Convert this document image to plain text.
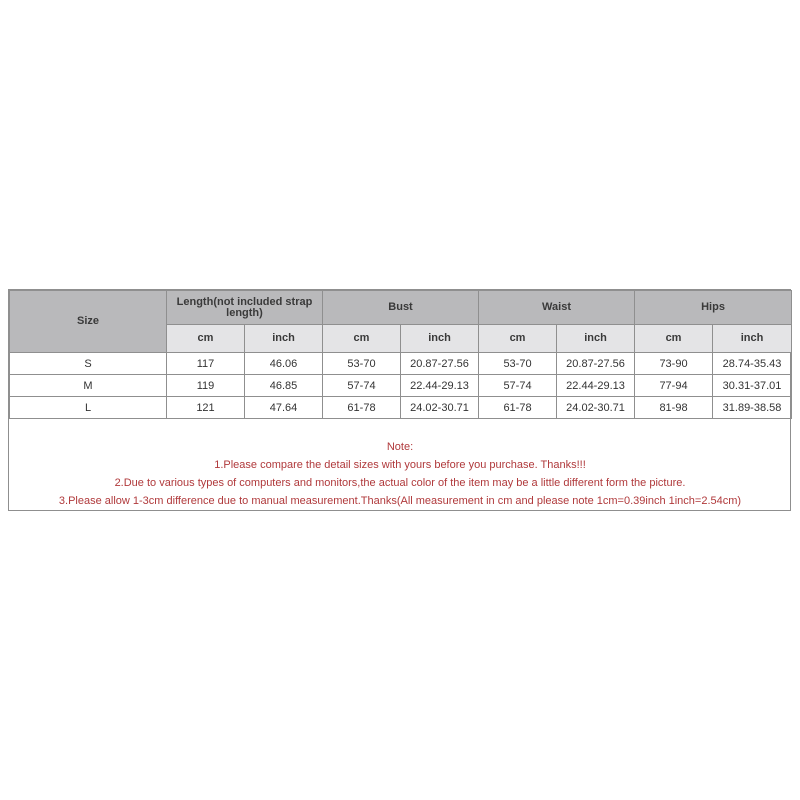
Size	Length(not included strap length)		Bust		Waist		Hips	
	cm	inch	cm	inch	cm	inch	cm	inch
S	117	46.06	53-70	20.87-27.56	53-70	20.87-27.56	73-90	28.74-35.43
M	119	46.85	57-74	22.44-29.13	57-74	22.44-29.13	77-94	30.31-37.01
L	121	47.64	61-78	24.02-30.71	61-78	24.02-30.71	81-98	31.89-38.58

Note:

1.Please compare the detail sizes with yours before you purchase. Thanks!!!

2.Due to various types of computers and monitors,the actual color of the item may be a little different form the picture.

3.Please allow 1-3cm difference due to manual measurement.Thanks(All measurement in cm and please note 1cm=0.39inch 1inch=2.54cm)
